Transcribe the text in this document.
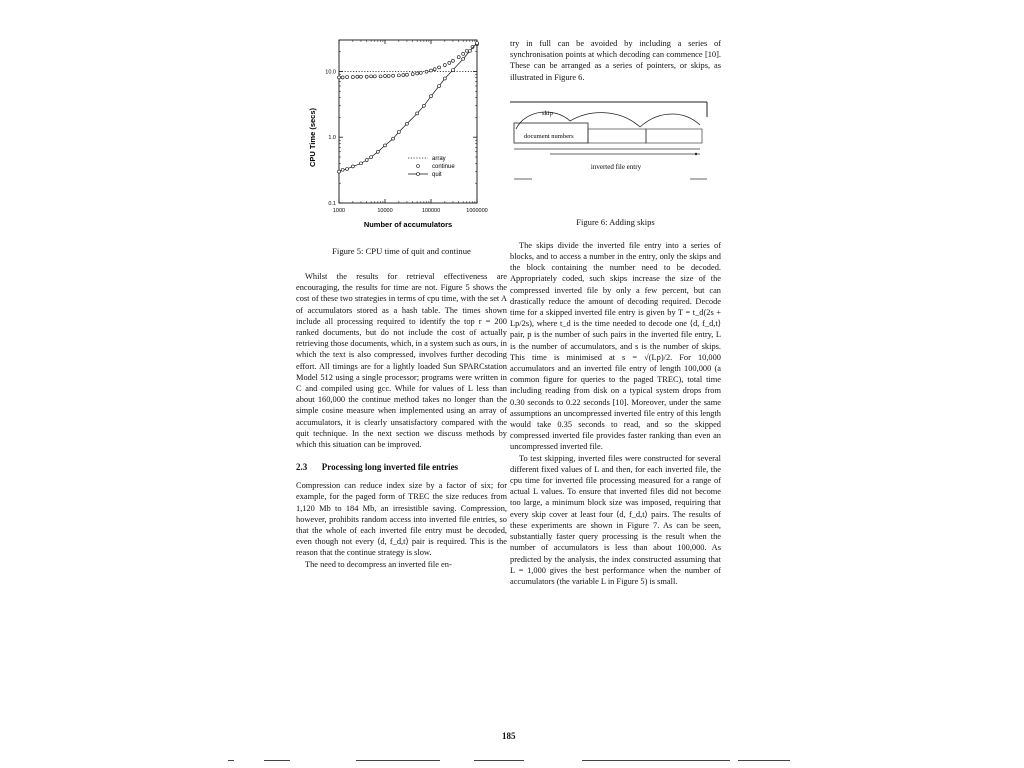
1000	10000	100000	1000000
0.1
1.0
10.0
Number of accumulators
CPU Time (secs)	array
continue
quit

Figure 5: CPU time of quit and continue

Whilst the results for retrieval effectiveness are encouraging, the results for time are not. Figure 5 shows the cost of these two strategies in terms of cpu time, with the set A of accumulators stored as a hash table. The times shown include all processing required to identify the top r = 200 ranked documents, but do not include the cost of actually retrieving those documents, which, in a system such as ours, in which the text is also compressed, involves further decoding effort. All timings are for a lightly loaded Sun SPARCstation Model 512 using a single processor; programs were written in C and compiled using gcc. While for values of L less than about 160,000 the continue method takes no longer than the simple cosine measure when implemented using an array of accumulators, it is clearly unsatisfactory compared with the quit technique. In the next section we discuss methods by which this situation can be improved.

2.3 Processing long inverted file entries

Compression can reduce index size by a factor of six; for example, for the paged form of TREC the size reduces from 1,120 Mb to 184 Mb, an irresistible saving. Compression, however, prohibits random access into inverted file entries, so that the whole of each inverted file entry must be decoded, even though not every ⟨d, f_d,t⟩ pair is required. This is the reason that the continue strategy is slow.

The need to decompress an inverted file en-

try in full can be avoided by including a series of synchronisation points at which decoding can commence [10]. These can be arranged as a series of pointers, or skips, as illustrated in Figure 6.

skip
document numbers
inverted file entry

Figure 6: Adding skips

The skips divide the inverted file entry into a series of blocks, and to access a number in the entry, only the skips and the block containing the number need to be decoded. Appropriately coded, such skips increase the size of the compressed inverted file by only a few percent, but can drastically reduce the amount of decoding required. Decode time for a skipped inverted file entry is given by T = t_d(2s + Lp/2s), where t_d is the time needed to decode one ⟨d, f_d,t⟩ pair, p is the number of such pairs in the inverted file entry, L is the number of accumulators, and s is the number of skips. This time is minimised at s = √(Lp)/2. For 10,000 accumulators and an inverted file entry of length 100,000 (a common figure for queries to the paged TREC), total time including reading from disk on a typical system drops from 0.30 seconds to 0.22 seconds [10]. Moreover, under the same assumptions an uncompressed inverted file entry of this length would take 0.35 seconds to read, and so the skipped compressed inverted file provides faster ranking than even an uncompressed inverted file.

To test skipping, inverted files were constructed for several different fixed values of L and then, for each inverted file, the cpu time for inverted file processing measured for a range of actual L values. To ensure that inverted files did not become too large, a minimum block size was imposed, requiring that every skip cover at least four ⟨d, f_d,t⟩ pairs. The results of these experiments are shown in Figure 7. As can be seen, substantially faster query processing is the result when the number of accumulators is less than about 100,000. As predicted by the analysis, the index constructed assuming that L = 1,000 gives the best performance when the number of accumulators (the variable L in Figure 5) is small.

185
